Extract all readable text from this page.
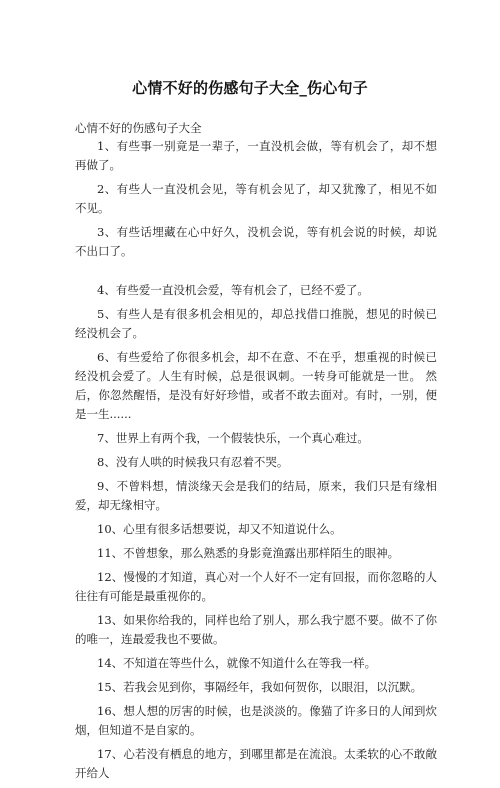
心情不好的伤感句子大全_伤心句子
心情不好的伤感句子大全
1、有些事一别竟是一辈子，一直没机会做，等有机会了，却不想再做了。
2、有些人一直没机会见，等有机会见了，却又犹豫了，相见不如不见。
3、有些话埋藏在心中好久，没机会说，等有机会说的时候，却说不出口了。
4、有些爱一直没机会爱，等有机会了，已经不爱了。
5、有些人是有很多机会相见的，却总找借口推脱，想见的时候已经没机会了。
6、有些爱给了你很多机会，却不在意、不在乎，想重视的时候已经没机会爱了。人生有时候，总是很讽刺。一转身可能就是一世。 然后，你忽然醒悟，是没有好好珍惜，或者不敢去面对。有时，一别，便是一生......
7、世界上有两个我，一个假装快乐，一个真心难过。
8、没有人哄的时候我只有忍着不哭。
9、不曾料想，情淡缘天会是我们的结局，原来，我们只是有缘相爱，却无缘相守。
10、心里有很多话想要说，却又不知道说什么。
11、不曾想象，那么熟悉的身影竟渔露出那样陌生的眼神。
12、慢慢的才知道，真心对一个人好不一定有回报，而你忽略的人往往有可能是最重视你的。
13、如果你给我的，同样也给了别人，那么我宁愿不要。做不了你的唯一，连最爱我也不要做。
14、不知道在等些什么，就像不知道什么在等我一样。
15、若我会见到你，事隔经年，我如何贺你，以眼泪，以沉默。
16、想人想的厉害的时候，也是淡淡的。像猫了许多日的人闻到炊烟，但知道不是自家的。
17、心若没有栖息的地方，到哪里都是在流浪。太柔软的心不敢敞开给人
